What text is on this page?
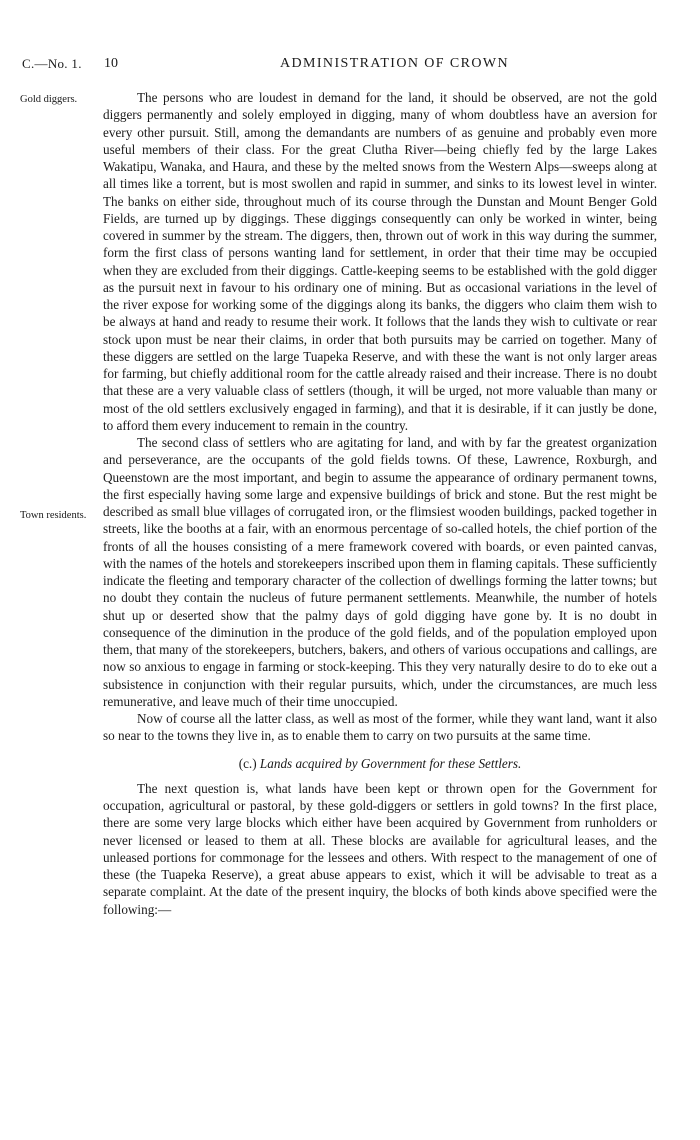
C.—No. 1. 10	ADMINISTRATION OF CROWN
Gold diggers.
Town residents.

The persons who are loudest in demand for the land, it should be observed, are not the gold diggers permanently and solely employed in digging, many of whom doubtless have an aversion for every other pursuit. Still, among the demandants are numbers of as genuine and probably even more useful members of their class. For the great Clutha River—being chiefly fed by the large Lakes Wakatipu, Wanaka, and Haura, and these by the melted snows from the Western Alps—sweeps along at all times like a torrent, but is most swollen and rapid in summer, and sinks to its lowest level in winter. The banks on either side, throughout much of its course through the Dunstan and Mount Benger Gold Fields, are turned up by diggings. These diggings consequently can only be worked in winter, being covered in summer by the stream. The diggers, then, thrown out of work in this way during the summer, form the first class of persons wanting land for settlement, in order that their time may be occupied when they are excluded from their diggings. Cattle-keeping seems to be established with the gold digger as the pursuit next in favour to his ordinary one of mining. But as occasional variations in the level of the river expose for working some of the diggings along its banks, the diggers who claim them wish to be always at hand and ready to resume their work. It follows that the lands they wish to cultivate or rear stock upon must be near their claims, in order that both pursuits may be carried on together. Many of these diggers are settled on the large Tuapeka Reserve, and with these the want is not only larger areas for farming, but chiefly additional room for the cattle already raised and their increase. There is no doubt that these are a very valuable class of settlers (though, it will be urged, not more valuable than many or most of the old settlers exclusively engaged in farming), and that it is desirable, if it can justly be done, to afford them every inducement to remain in the country.

The second class of settlers who are agitating for land, and with by far the greatest organization and perseverance, are the occupants of the gold fields towns. Of these, Lawrence, Roxburgh, and Queenstown are the most important, and begin to assume the appearance of ordinary permanent towns, the first especially having some large and expensive buildings of brick and stone. But the rest might be described as small blue villages of corrugated iron, or the flimsiest wooden buildings, packed together in streets, like the booths at a fair, with an enormous percentage of so-called hotels, the chief portion of the fronts of all the houses consisting of a mere framework covered with boards, or even painted canvas, with the names of the hotels and storekeepers inscribed upon them in flaming capitals. These sufficiently indicate the fleeting and temporary character of the collection of dwellings forming the latter towns; but no doubt they contain the nucleus of future permanent settlements. Meanwhile, the number of hotels shut up or deserted show that the palmy days of gold digging have gone by. It is no doubt in consequence of the diminution in the produce of the gold fields, and of the population employed upon them, that many of the storekeepers, butchers, bakers, and others of various occupations and callings, are now so anxious to engage in farming or stock-keeping. This they very naturally desire to do to eke out a subsistence in conjunction with their regular pursuits, which, under the circumstances, are much less remunerative, and leave much of their time unoccupied.

Now of course all the latter class, as well as most of the former, while they want land, want it also so near to the towns they live in, as to enable them to carry on two pursuits at the same time.

(c.) Lands acquired by Government for these Settlers.

The next question is, what lands have been kept or thrown open for the Government for occupation, agricultural or pastoral, by these gold-diggers or settlers in gold towns? In the first place, there are some very large blocks which either have been acquired by Government from runholders or never licensed or leased to them at all. These blocks are available for agricultural leases, and the unleased portions for commonage for the lessees and others. With respect to the management of one of these (the Tuapeka Reserve), a great abuse appears to exist, which it will be advisable to treat as a separate complaint. At the date of the present inquiry, the blocks of both kinds above specified were the following:—
